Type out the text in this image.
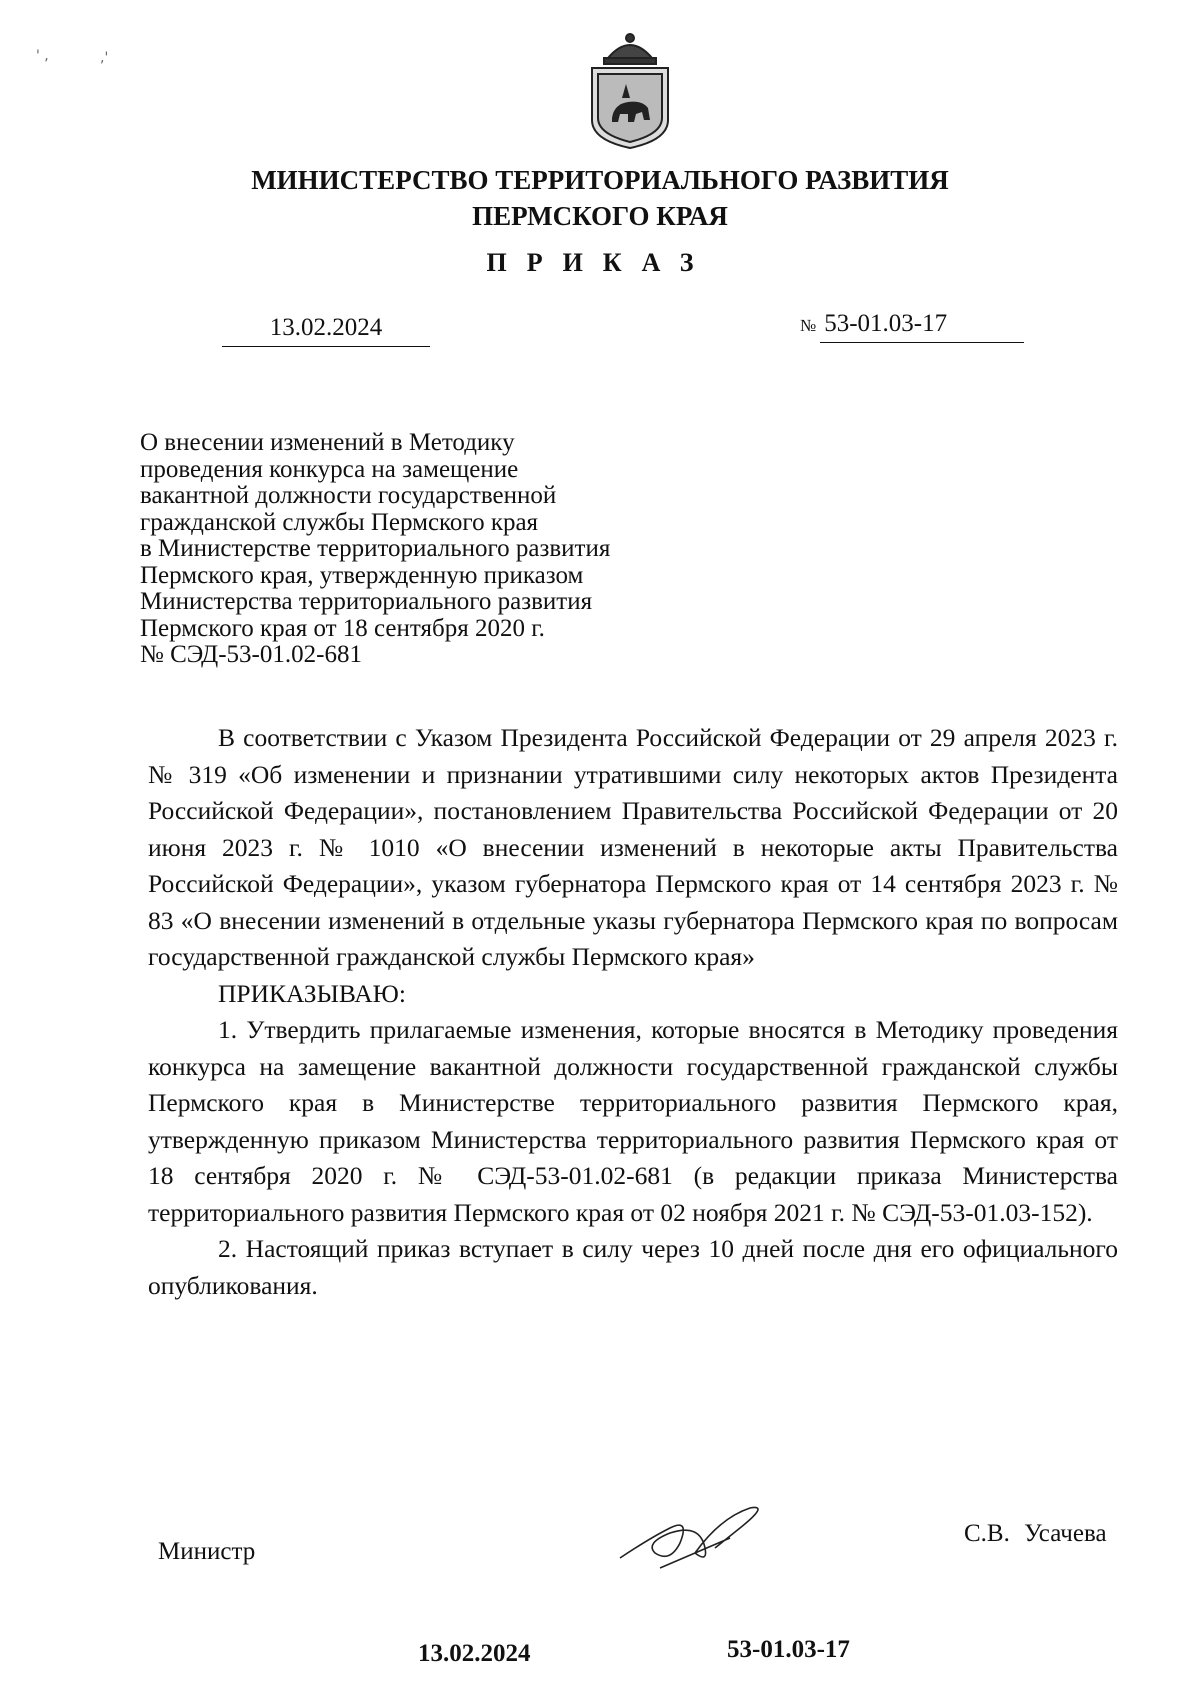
МИНИСТЕРСТВО ТЕРРИТОРИАЛЬНОГО РАЗВИТИЯ
ПЕРМСКОГО КРАЯ
ПРИКАЗ
13.02.2024	№ 53-01.03-17
О внесении изменений в Методику
проведения конкурса на замещение
вакантной должности государственной
гражданской службы Пермского края
в Министерстве территориального развития
Пермского края, утвержденную приказом
Министерства территориального развития
Пермского края от 18 сентября 2020 г.
№ СЭД-53-01.02-681

В соответствии с Указом Президента Российской Федерации от 29 апреля 2023 г. № 319 «Об изменении и признании утратившими силу некоторых актов Президента Российской Федерации», постановлением Правительства Российской Федерации от 20 июня 2023 г. № 1010 «О внесении изменений в некоторые акты Правительства Российской Федерации», указом губернатора Пермского края от 14 сентября 2023 г. № 83 «О внесении изменений в отдельные указы губернатора Пермского края по вопросам государственной гражданской службы Пермского края»

ПРИКАЗЫВАЮ:

1. Утвердить прилагаемые изменения, которые вносятся в Методику проведения конкурса на замещение вакантной должности государственной гражданской службы Пермского края в Министерстве территориального развития Пермского края, утвержденную приказом Министерства территориального развития Пермского края от 18 сентября 2020 г. № СЭД-53-01.02-681 (в редакции приказа Министерства территориального развития Пермского края от 02 ноября 2021 г. № СЭД-53-01.03-152).

2. Настоящий приказ вступает в силу через 10 дней после дня его официального опубликования.

Министр
С.В. Усачева
13.02.2024	53-01.03-17
' ,	,'
